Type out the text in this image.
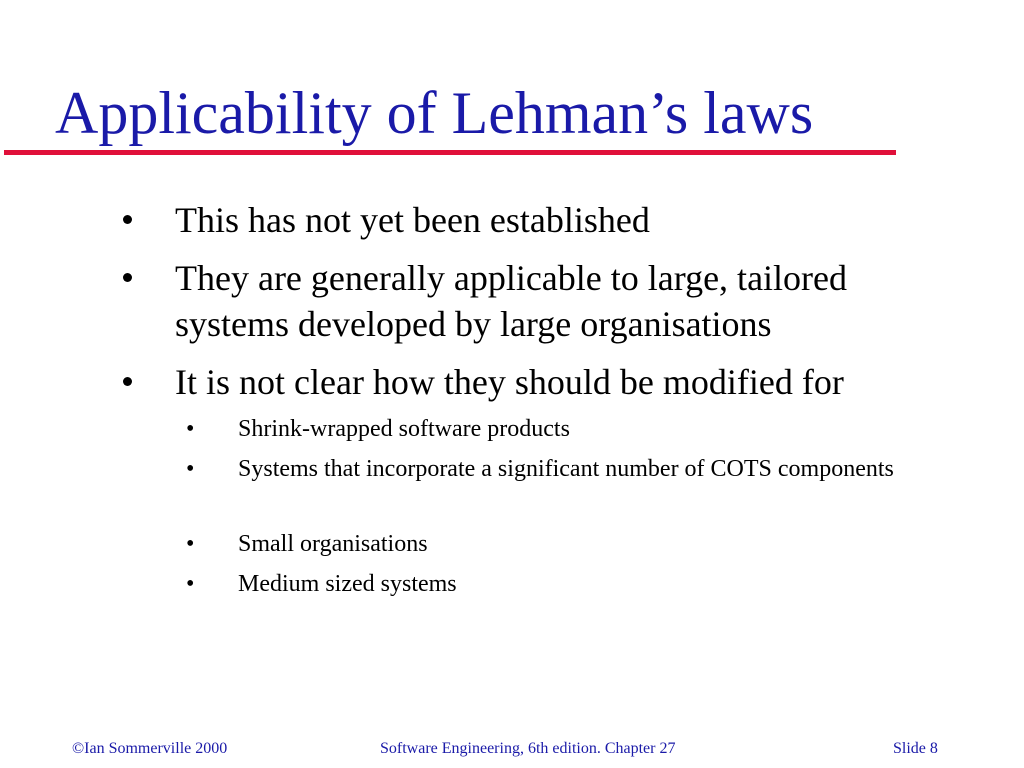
Applicability of Lehman’s laws
This has not yet been established
They are generally applicable to large, tailored systems developed by large organisations
It is not clear how they should be modified for
• Shrink-wrapped software products
• Systems that incorporate a significant number of COTS components
• Small organisations
• Medium sized systems
©Ian Sommerville 2000	Software Engineering, 6th edition. Chapter 27	Slide 8
